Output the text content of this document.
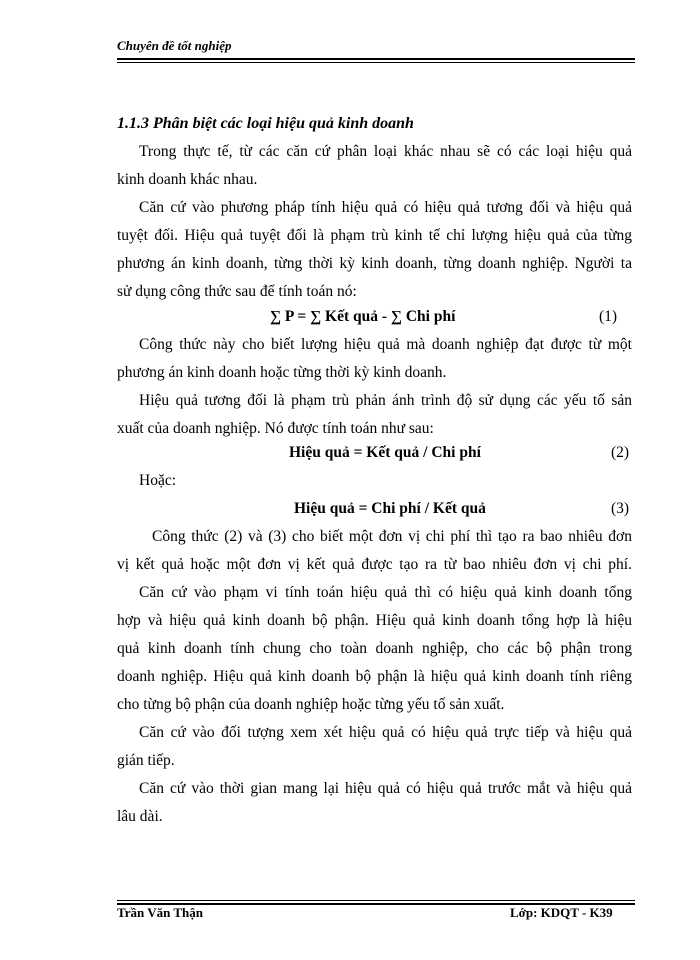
Chuyên đề tốt nghiệp
1.1.3 Phân biệt các loại hiệu quả kinh doanh
Trong thực tế, từ các căn cứ phân loại khác nhau sẽ có các loại hiệu quả
kinh doanh khác nhau.
Căn cứ vào phương pháp tính hiệu quả có hiệu quả tương đối và hiệu quả
tuyệt đối. Hiệu quả tuyệt đối là phạm trù kinh tế chỉ lượng hiệu quả của từng
phương án kinh doanh, từng thời kỳ kinh doanh, từng doanh nghiệp. Người ta
sử dụng công thức sau để tính toán nó:
∑ P = ∑ Kết quả - ∑ Chi phí	(1)
Công thức này cho biết lượng hiệu quả mà doanh nghiệp đạt được từ một
phương án kinh doanh hoặc từng thời kỳ kinh doanh.
Hiệu quả tương đối là phạm trù phản ánh trình độ sử dụng các yếu tố sản
xuất của doanh nghiệp. Nó được tính toán như sau:
Hiệu quả = Kết quả / Chi phí	(2)
Hoặc:
Hiệu quả = Chi phí / Kết quả	(3)
Công thức (2) và (3) cho biết một đơn vị chi phí thì tạo ra bao nhiêu đơn
vị kết quả hoặc một đơn vị kết quả được tạo ra từ bao nhiêu đơn vị chi phí.
Căn cứ vào phạm vi tính toán hiệu quả thì có hiệu quả kinh doanh tổng
hợp và hiệu quả kinh doanh bộ phận. Hiệu quả kinh doanh tổng hợp là hiệu
quả kinh doanh tính chung cho toàn doanh nghiệp, cho các bộ phận trong
doanh nghiệp. Hiệu quả kinh doanh bộ phận là hiệu quả kinh doanh tính riêng
cho từng bộ phận của doanh nghiệp hoặc từng yếu tố sản xuất.
Căn cứ vào đối tượng xem xét hiệu quả có hiệu quả trực tiếp và hiệu quả
gián tiếp.
Căn cứ vào thời gian mang lại hiệu quả có hiệu quả trước mắt và hiệu quả
lâu dài.
Trần Văn Thận	Lớp: KDQT - K39
